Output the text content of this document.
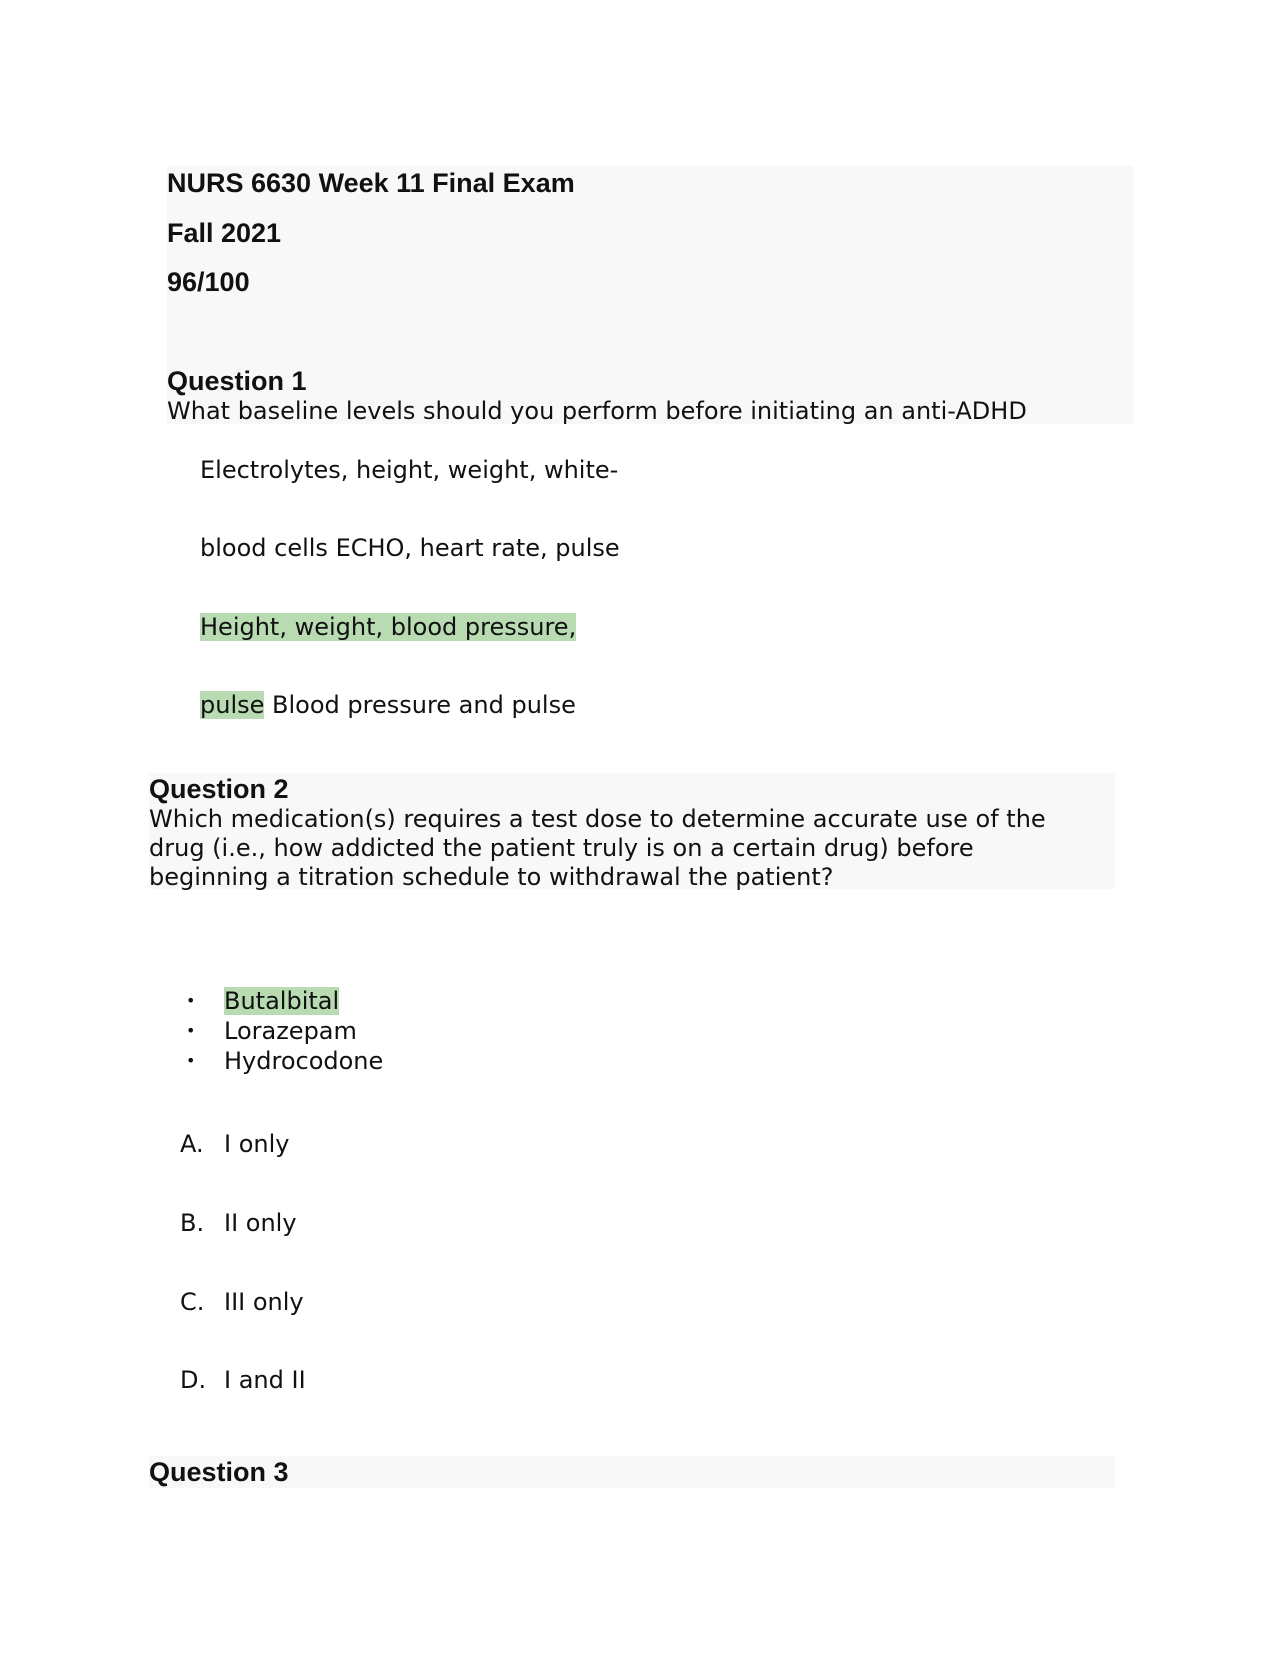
NURS 6630 Week 11 Final Exam
Fall 2021
96/100
Question 1
What baseline levels should you perform before initiating an anti-ADHD
Electrolytes, height, weight, white-
blood cells ECHO, heart rate, pulse
Height, weight, blood pressure,
pulse Blood pressure and pulse
Question 2
Which medication(s) requires a test dose to determine accurate use of the
drug (i.e., how addicted the patient truly is on a certain drug) before
beginning a titration schedule to withdrawal the patient?
• Butalbital
• Lorazepam
• Hydrocodone
A. I only
B. II only
C. III only
D. I and II
Question 3
